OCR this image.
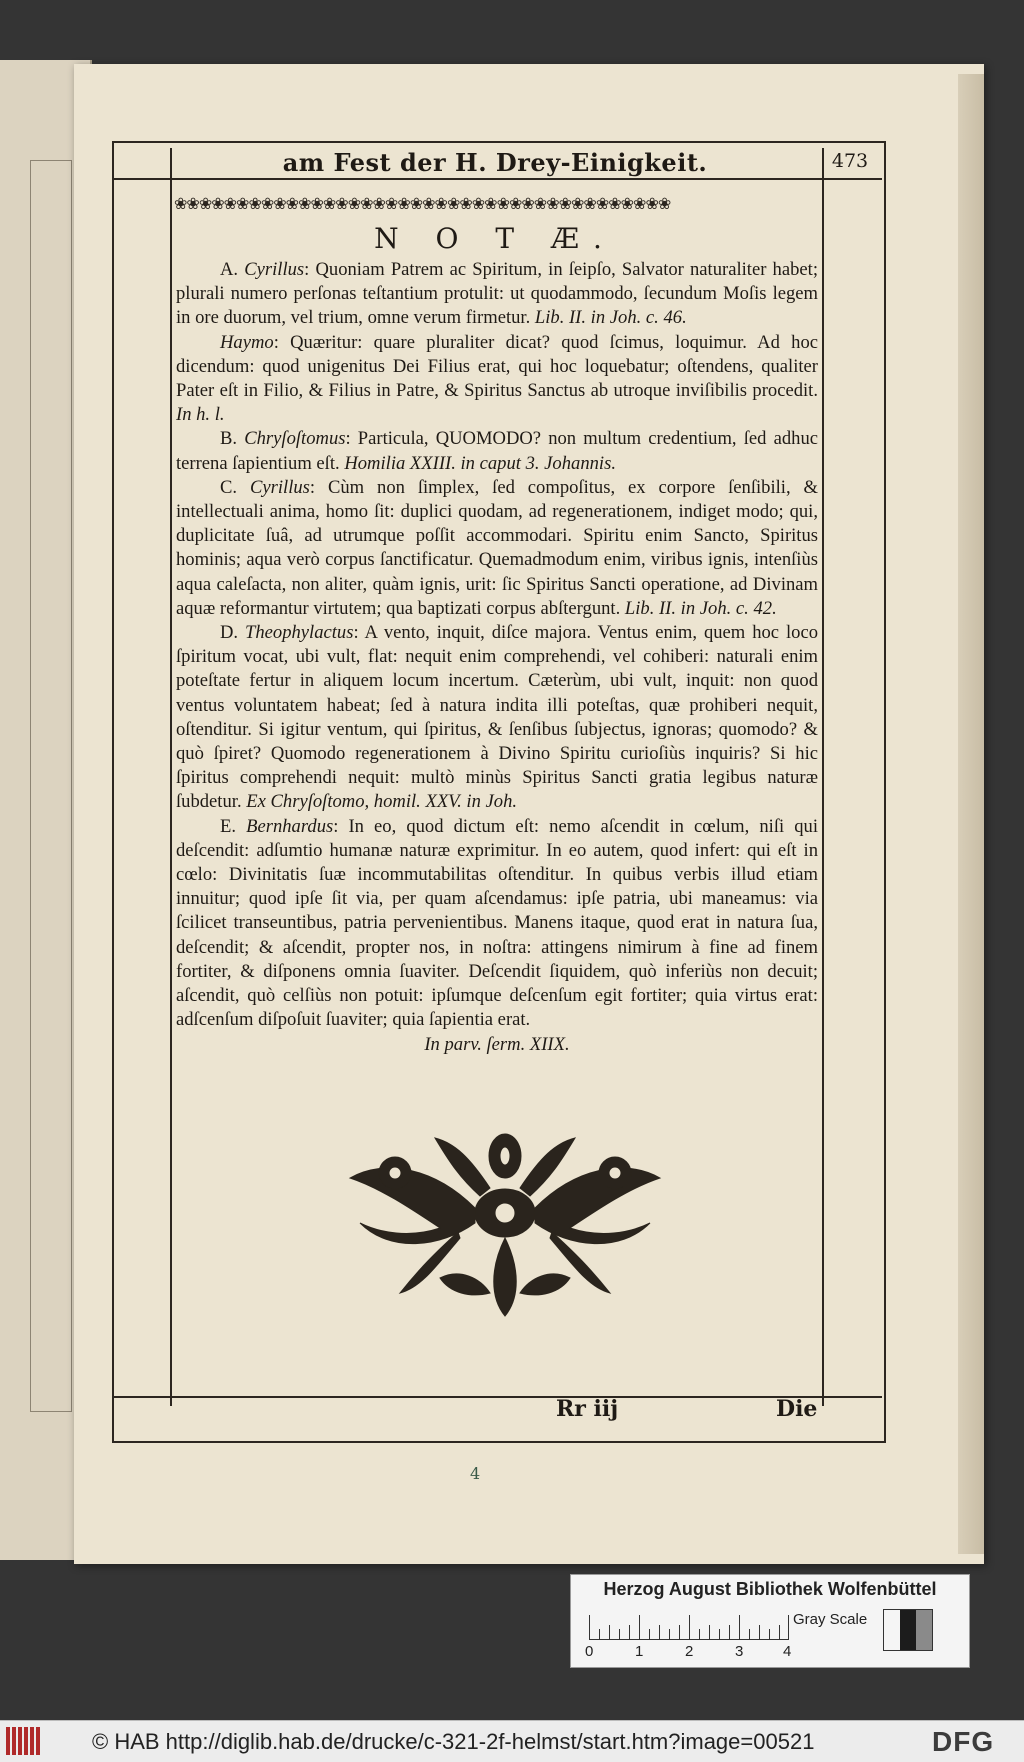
am Fest der H. Drey-Einigkeit.	473
❀❀❀❀❀❀❀❀❀❀❀❀❀❀❀❀❀❀❀❀❀❀❀❀❀❀❀❀❀❀❀❀❀❀❀❀❀❀❀❀
N O T Æ.

A. Cyrillus: Quoniam Patrem ac Spiritum, in ſeipſo, Salvator naturaliter habet; plurali numero perſonas teſtantium protulit: ut quodammodo, ſecundum Moſis legem in ore duorum, vel trium, omne verum firmetur. Lib. II. in Joh. c. 46.

Haymo: Quæritur: quare pluraliter dicat? quod ſcimus, loquimur. Ad hoc dicendum: quod unigenitus Dei Filius erat, qui hoc loquebatur; oſtendens, qualiter Pater eſt in Filio, & Filius in Patre, & Spiritus Sanctus ab utroque inviſibilis procedit. In h. l.

B. Chryſoſtomus: Particula, QUOMODO? non multum credentium, ſed adhuc terrena ſapientium eſt. Homilia XXIII. in caput 3. Johannis.

C. Cyrillus: Cùm non ſimplex, ſed compoſitus, ex corpore ſenſibili, & intellectuali anima, homo ſit: duplici quodam, ad regenerationem, indiget modo; qui, duplicitate ſuâ, ad utrumque poſſit accommodari. Spiritu enim Sancto, Spiritus hominis; aqua verò corpus ſanctificatur. Quemadmodum enim, viribus ignis, intenſiùs aqua caleſacta, non aliter, quàm ignis, urit: ſic Spiritus Sancti operatione, ad Divinam aquæ reformantur virtutem; qua baptizati corpus abſtergunt. Lib. II. in Joh. c. 42.

D. Theophylactus: A vento, inquit, diſce majora. Ventus enim, quem hoc loco ſpiritum vocat, ubi vult, flat: nequit enim comprehendi, vel cohiberi: naturali enim poteſtate fertur in aliquem locum incertum. Cæterùm, ubi vult, inquit: non quod ventus voluntatem habeat; ſed à natura indita illi poteſtas, quæ prohiberi nequit, oſtenditur. Si igitur ventum, qui ſpiritus, & ſenſibus ſubjectus, ignoras; quomodo? & quò ſpiret? Quomodo regenerationem à Divino Spiritu curioſiùs inquiris? Si hic ſpiritus comprehendi nequit: multò minùs Spiritus Sancti gratia legibus naturæ ſubdetur. Ex Chryſoſtomo, homil. XXV. in Joh.

E. Bernhardus: In eo, quod dictum eſt: nemo aſcendit in cœlum, niſi qui deſcendit: adſumtio humanæ naturæ exprimitur. In eo autem, quod infert: qui eſt in cœlo: Divinitatis ſuæ incommutabilitas oſtenditur. In quibus verbis illud etiam innuitur; quod ipſe ſit via, per quam aſcendamus: ipſe patria, ubi maneamus: via ſcilicet transeuntibus, patria pervenientibus. Manens itaque, quod erat in natura ſua, deſcendit; & aſcendit, propter nos, in noſtra: attingens nimirum à fine ad finem fortiter, & diſponens omnia ſuaviter. Deſcendit ſiquidem, quò inferiùs non decuit; aſcendit, quò celſiùs non potuit: ipſumque deſcenſum egit fortiter; quia virtus erat: adſcenſum diſpoſuit ſuaviter; quia ſapientia erat.

In parv. ſerm. XIIX.

Rr iij	Die
4
Herzog August Bibliothek Wolfenbüttel
0	1	2	3	4
Gray Scale
© HAB http://diglib.hab.de/drucke/c-321-2f-helmst/start.htm?image=00521	DFG
